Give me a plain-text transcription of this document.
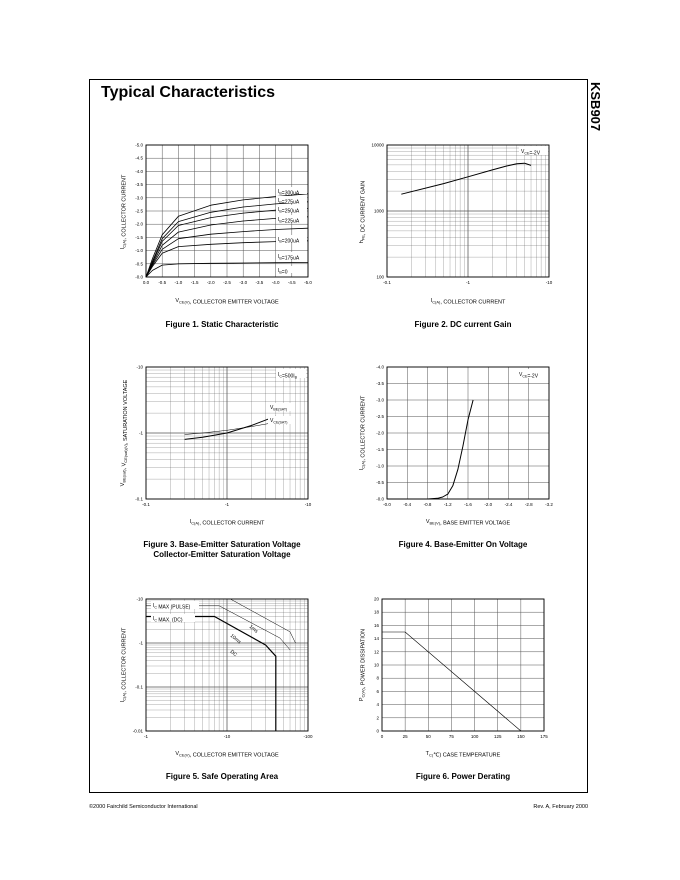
Typical Characteristics	KSB907
0.0 -0.5 -1.0 -1.5 -2.0 -2.5 -3.0 -3.5 -4.0 -4.5 -5.0
-0.0
-0.5
-1.0
-1.5
-2.0
-2.5
-3.0
-3.5
-4.0
-4.5
-5.0
$I_B=300uA$
$I_B=275uA$
$I_B=250uA$
$I_B=225uA$
$I_B=200uA$
$I_B=175uA$
$I_B=0$
$V_{CE(V)}$, COLLECTOR EMITTER VOLTAGE
$I_{C(A)}$, COLLECTOR CURRENT
-0.1	-1	-10
100
1000
10000
$V_{CE}=-2V$
$I_{C(A)}$, COLLECTOR CURRENT
$h_{FE}$, DC CURRENT GAIN
-0.1	-1	-10
-0.1
-1
-10
$I_C=500I_B$
$V_{BE(SAT)}$
$V_{CE(SAT)}$
$I_{C(A)}$, COLLECTOR CURRENT
$V_{BE(sat)}$, $V_{CE(sat)(V)}$, SATURATION VOLTAGE
-0.0	-0.4	-0.8	-1.2	-1.6	-2.0	-2.4	-2.8	-3.2
-0.0
-0.5
-1.0
-1.5
-2.0
-2.5
-3.0
-3.5
-4.0
$V_{CE}=-2V$
$V_{BE(V)}$, BASE EMITTER VOLTAGE
$I_{C(A)}$, COLLECTOR CURRENT
-1	-10	-100
-0.01
-0.1
-1
-10
$I_C$ MAX (PULSE)
$I_C$ MAX. (DC)
1ms
10ms
DC
$V_{CE(V)}$, COLLECTOR EMITTER VOLTAGE
$I_{C(A)}$, COLLECTOR CURRENT
0	25	50	75	100	125	150	175
0
2
4
6
8
10
12
14
16
18
20
$T_{C(}℃$) CASE TEMPERATURE
$P_{C(W)}$, POWER DISSIPATION
Figure 1. Static Characteristic	Figure 2. DC current Gain
Figure 3. Base-Emitter Saturation Voltage
Collector-Emitter Saturation Voltage
Figure 4. Base-Emitter On Voltage
Figure 5. Safe Operating Area	Figure 6. Power Derating
©2000 Fairchild Semiconductor International	Rev. A, February 2000
